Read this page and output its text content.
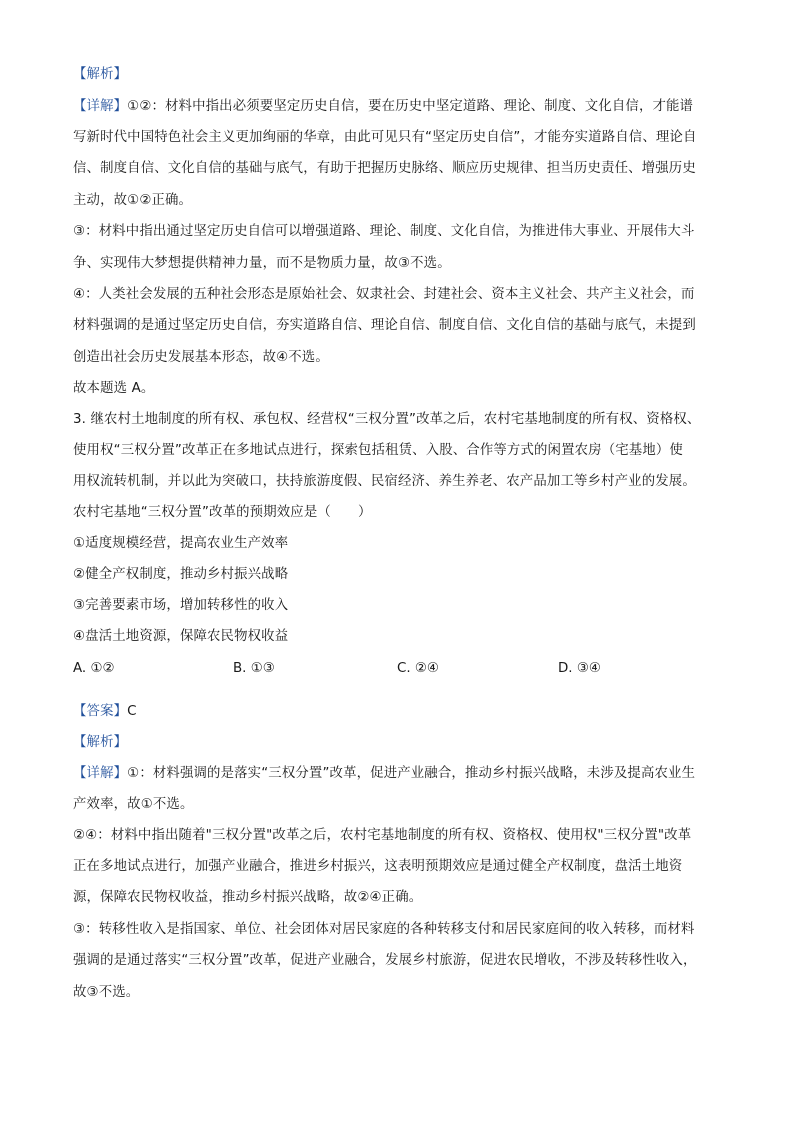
【解析】
【详解】①②：材料中指出必须要坚定历史自信，要在历史中坚定道路、理论、制度、文化自信，才能谱
写新时代中国特色社会主义更加绚丽的华章，由此可见只有“坚定历史自信”，才能夯实道路自信、理论自
信、制度自信、文化自信的基础与底气，有助于把握历史脉络、顺应历史规律、担当历史责任、增强历史
主动，故①②正确。
③：材料中指出通过坚定历史自信可以增强道路、理论、制度、文化自信，为推进伟大事业、开展伟大斗
争、实现伟大梦想提供精神力量，而不是物质力量，故③不选。
④：人类社会发展的五种社会形态是原始社会、奴隶社会、封建社会、资本主义社会、共产主义社会，而
材料强调的是通过坚定历史自信，夯实道路自信、理论自信、制度自信、文化自信的基础与底气，未提到
创造出社会历史发展基本形态，故④不选。
故本题选 A。
3. 继农村土地制度的所有权、承包权、经营权“三权分置”改革之后，农村宅基地制度的所有权、资格权、
使用权“三权分置”改革正在多地试点进行，探索包括租赁、入股、合作等方式的闲置农房（宅基地）使
用权流转机制，并以此为突破口，扶持旅游度假、民宿经济、养生养老、农产品加工等乡村产业的发展。
农村宅基地“三权分置”改革的预期效应是（　　）
①适度规模经营，提高农业生产效率
②健全产权制度，推动乡村振兴战略
③完善要素市场，增加转移性的收入
④盘活土地资源，保障农民物权收益
A. ①②	B. ①③	C. ②④	D. ③④
【答案】C
【解析】
【详解】①：材料强调的是落实“三权分置”改革，促进产业融合，推动乡村振兴战略，未涉及提高农业生
产效率，故①不选。
②④：材料中指出随着"三权分置"改革之后，农村宅基地制度的所有权、资格权、使用权"三权分置"改革
正在多地试点进行，加强产业融合，推进乡村振兴，这表明预期效应是通过健全产权制度，盘活土地资
源，保障农民物权收益，推动乡村振兴战略，故②④正确。
③：转移性收入是指国家、单位、社会团体对居民家庭的各种转移支付和居民家庭间的收入转移，而材料
强调的是通过落实“三权分置”改革，促进产业融合，发展乡村旅游，促进农民增收，不涉及转移性收入，
故③不选。
